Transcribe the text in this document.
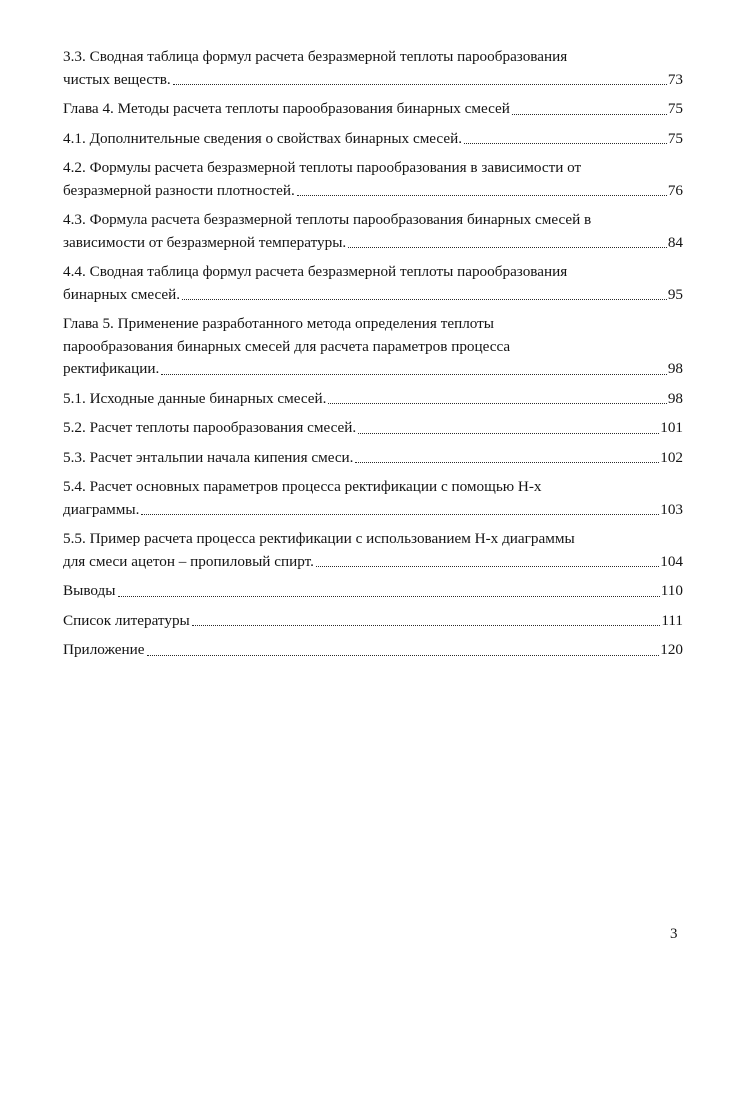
3.3. Сводная таблица формул расчета безразмерной теплоты парообразования
чистых веществ.	73
Глава 4. Методы расчета теплоты парообразования бинарных смесей	75
4.1. Дополнительные сведения о свойствах бинарных смесей.	75
4.2. Формулы расчета безразмерной теплоты парообразования в зависимости от
безразмерной разности плотностей.	76
4.3. Формула расчета безразмерной теплоты парообразования бинарных смесей в
зависимости от безразмерной температуры.	84
4.4. Сводная таблица формул расчета безразмерной теплоты парообразования
бинарных смесей.	95
Глава 5. Применение разработанного метода определения теплоты
парообразования бинарных смесей для расчета параметров процесса
ректификации.	98
5.1. Исходные данные бинарных смесей.	98
5.2. Расчет теплоты парообразования смесей.	101
5.3. Расчет энтальпии начала кипения смеси.	102
5.4. Расчет основных параметров процесса ректификации с помощью H-x
диаграммы.	103
5.5. Пример расчета процесса ректификации с использованием H-x диаграммы
для смеси ацетон – пропиловый спирт.	104
Выводы	110
Список литературы	111
Приложение	120
3
